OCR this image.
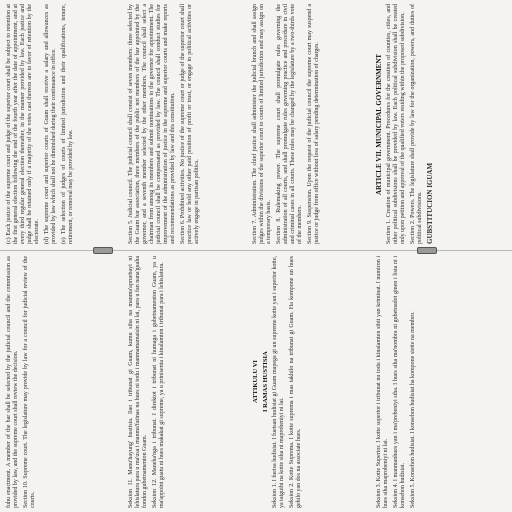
(c) Each justice of the supreme court and judge of the superior court shall be subject to retention at the first general election following the end of the fourth year after the date of appointment, and at every third regular general election thereafter, in the manner provided by law. Each justice and judge shall be retained only if a majority of the votes cast thereon are in favor of retention by the electorate. (d) The supreme court and superior courts of Guam shall receive a salary and allowances as provided by law which shall not be diminished during their continuance in office. (e) The selection of judges of courts of limited jurisdiction and their qualifications, tenure, retirement, or removal may be provided by law.	Section 5. Judicial council. The judicial council shall consist of seven members: three selected by the Guam bar association, three members of the public not members of the bar appointed by the governor, and a seventh member selected by the other members. The council shall select a chairman from among its members and submit nominations to the governor for appointment. The judicial council shall be compensated as provided by law. The council shall conduct studies for improvement of the administration of justice in the supreme and superior courts and make reports and recommendations as provided by law and this constitution. Section 6. Prohibited activities. No justice of the supreme court or judge of the superior court shall practice law or hold any other paid position of profit or trust, or engage in political activities or actively engage in partisan politics.	Section 7. Administration. The chief justice shall administer the judicial branch and shall assign judges within the divisions of the superior court to courts of limited jurisdiction and may assign on a temporary basis. Section 8. Rulemaking power. The supreme court shall promulgate rules governing the administration of all courts, and shall promulgate rules governing practice and procedure in civil and criminal cases in all courts. These rules may be changed by the legislature by a two-thirds vote of the members. Section 9. Suspension. Upon the request of the judicial council the supreme court may suspend a justice or judge from office without loss of salary pending determination of charges.	ARTICLE VII. MUNICIPAL GOVERNMENT Section 1. Creation of municipal government. Procedures for the creation of counties, cities, and other political subdivisions shall be provided by law. Each political subdivision shall be created only upon petition and approval of the qualified voters residing within the proposed subdivision. Section 2. Powers. The legislature shall provide by law for the organization, powers, and duties of political subdivisions. GUBSTITUCION IGUAM

fuhu enactment. A member of the bar shall be selected by the judicial council and the commission as provided by law, and the supreme court shall review the decision. Section 10. Supreme court. The legislature may provide by law for a council for judicial review of the courts.	Seksion 11. Manu'hayung' hustisia. Ilao i tribunat gi Guam, kumu siha na manma'apruebayi ni lehislatura para u ma'usa i manma'fatinas na hues ni todu i manmamamaisin ni lai, para u fan nana'guaha fondon gubetnamenton Guam. Seksion 12. Maneha'nga i tribunat. I direktot i tribunat ni humaga i gubetnamenton Guam, ya u ma'appoint guatu ni hues makakat gi supreme, ya u prinisenta i kinalamten i tribunat para i lehislatura.	ATTIKULU VI I RAMAS HUSTISIA Seksion 1. I fuetsa hudisiat. I fuetsan hudisiat gi Guam mapega gi un supreme kotte yan i superior kotte, ya taiguihi na kotte siha ni maprobeniyi ni lai. Seksion 2. Kotte Suprema. I kotte suprema i mas takhilo na tribunat gi Guam. Ha kompone un hues gehilo yan dos na associate hues.	Seksion 3. Kotte Superior. I kotte superior i tribunat nu todu i kinalamten sibit yan kriminat. I numiron i hues siha maprobeniyi ni lai. Seksion 4. I manmanhues yan i ma'prebeniyi siha. I hues siha ma'nombra ni gubetnadot ginen i lista ni i konsehon hudisiat. Seksion 5. Konsehon hudisiat. I konsehon hudisiat ha kompone siette na membro.
